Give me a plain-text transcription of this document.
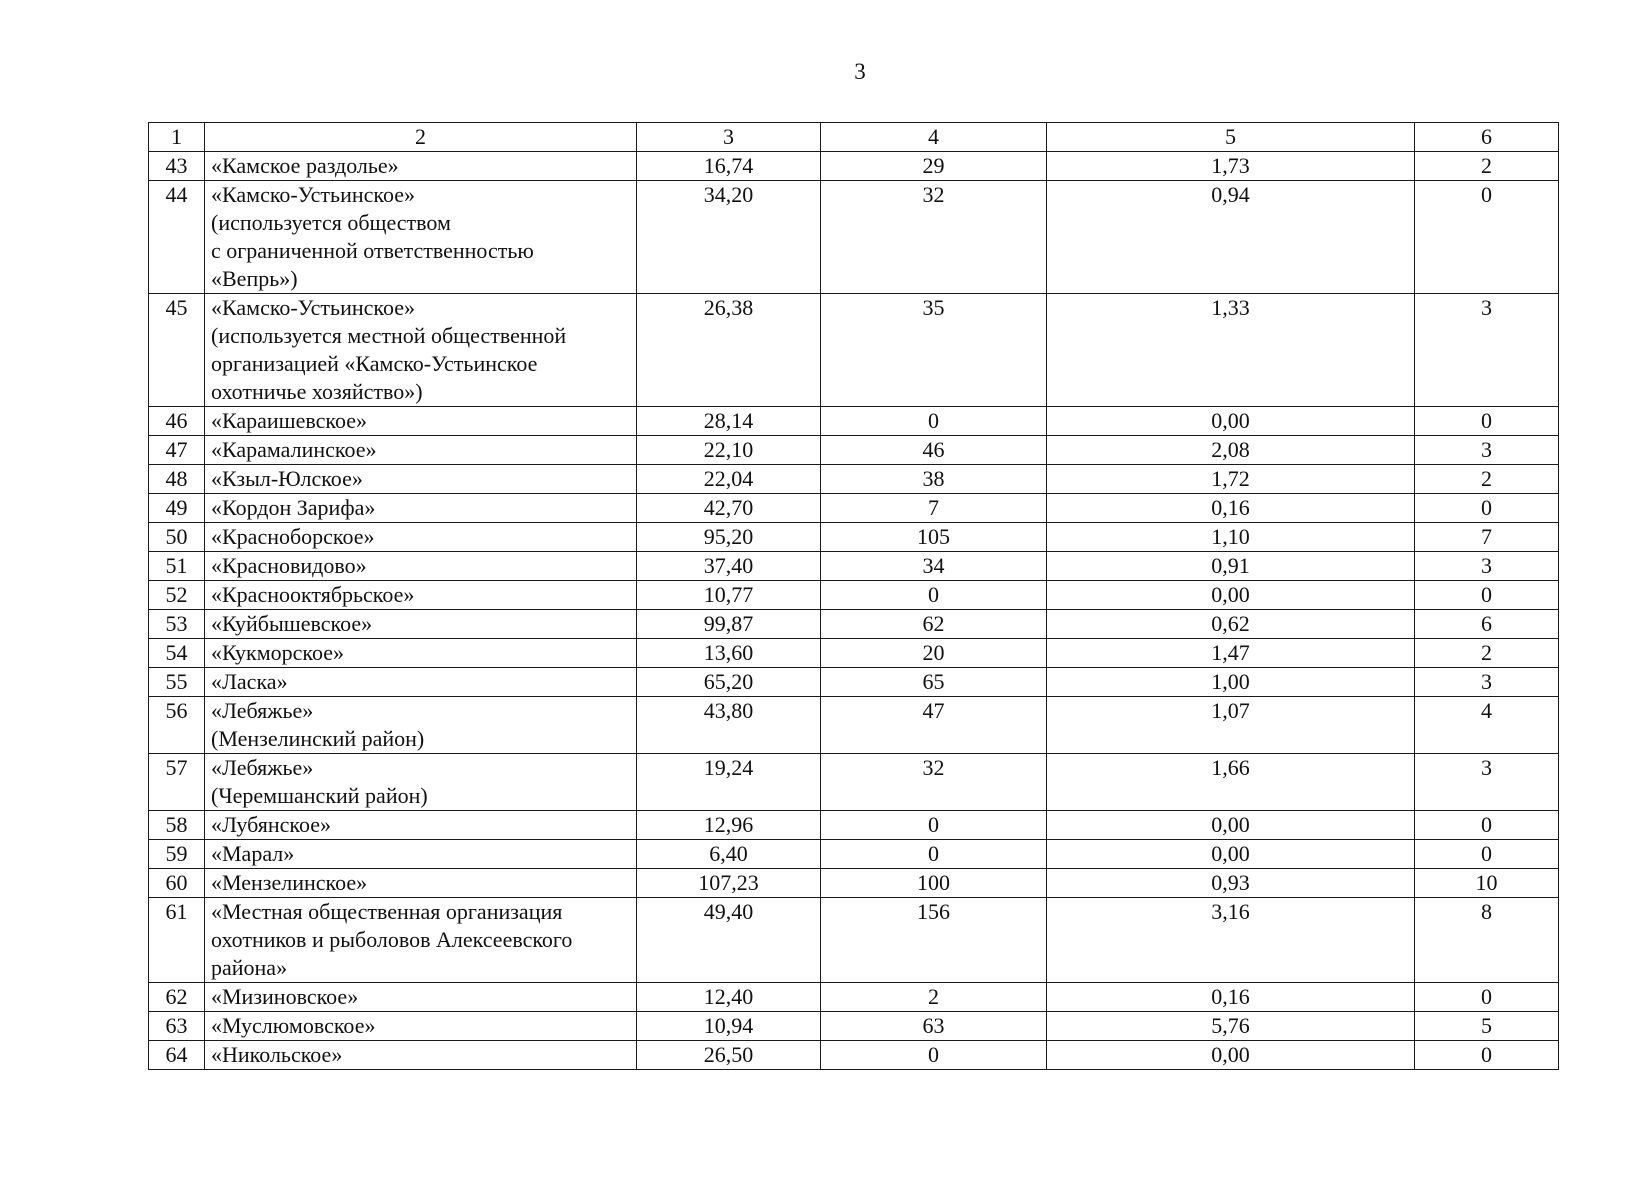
3
1	2	3	4	5	6
43	«Камское раздолье»	16,74	29	1,73	2
44	«Камско-Устьинское»
(используется обществом
с ограниченной ответственностью
«Вепрь»)	34,20	32	0,94	0
45	«Камско-Устьинское»
(используется местной общественной
организацией «Камско-Устьинское
охотничье хозяйство»)	26,38	35	1,33	3
46	«Караишевское»	28,14	0	0,00	0
47	«Карамалинское»	22,10	46	2,08	3
48	«Кзыл-Юлское»	22,04	38	1,72	2
49	«Кордон Зарифа»	42,70	7	0,16	0
50	«Красноборское»	95,20	105	1,10	7
51	«Красновидово»	37,40	34	0,91	3
52	«Краснооктябрьское»	10,77	0	0,00	0
53	«Куйбышевское»	99,87	62	0,62	6
54	«Кукморское»	13,60	20	1,47	2
55	«Ласка»	65,20	65	1,00	3
56	«Лебяжье»
(Мензелинский район)	43,80	47	1,07	4
57	«Лебяжье»
(Черемшанский район)	19,24	32	1,66	3
58	«Лубянское»	12,96	0	0,00	0
59	«Марал»	6,40	0	0,00	0
60	«Мензелинское»	107,23	100	0,93	10
61	«Местная общественная организация
охотников и рыболовов Алексеевского
района»	49,40	156	3,16	8
62	«Мизиновское»	12,40	2	0,16	0
63	«Муслюмовское»	10,94	63	5,76	5
64	«Никольское»	26,50	0	0,00	0
